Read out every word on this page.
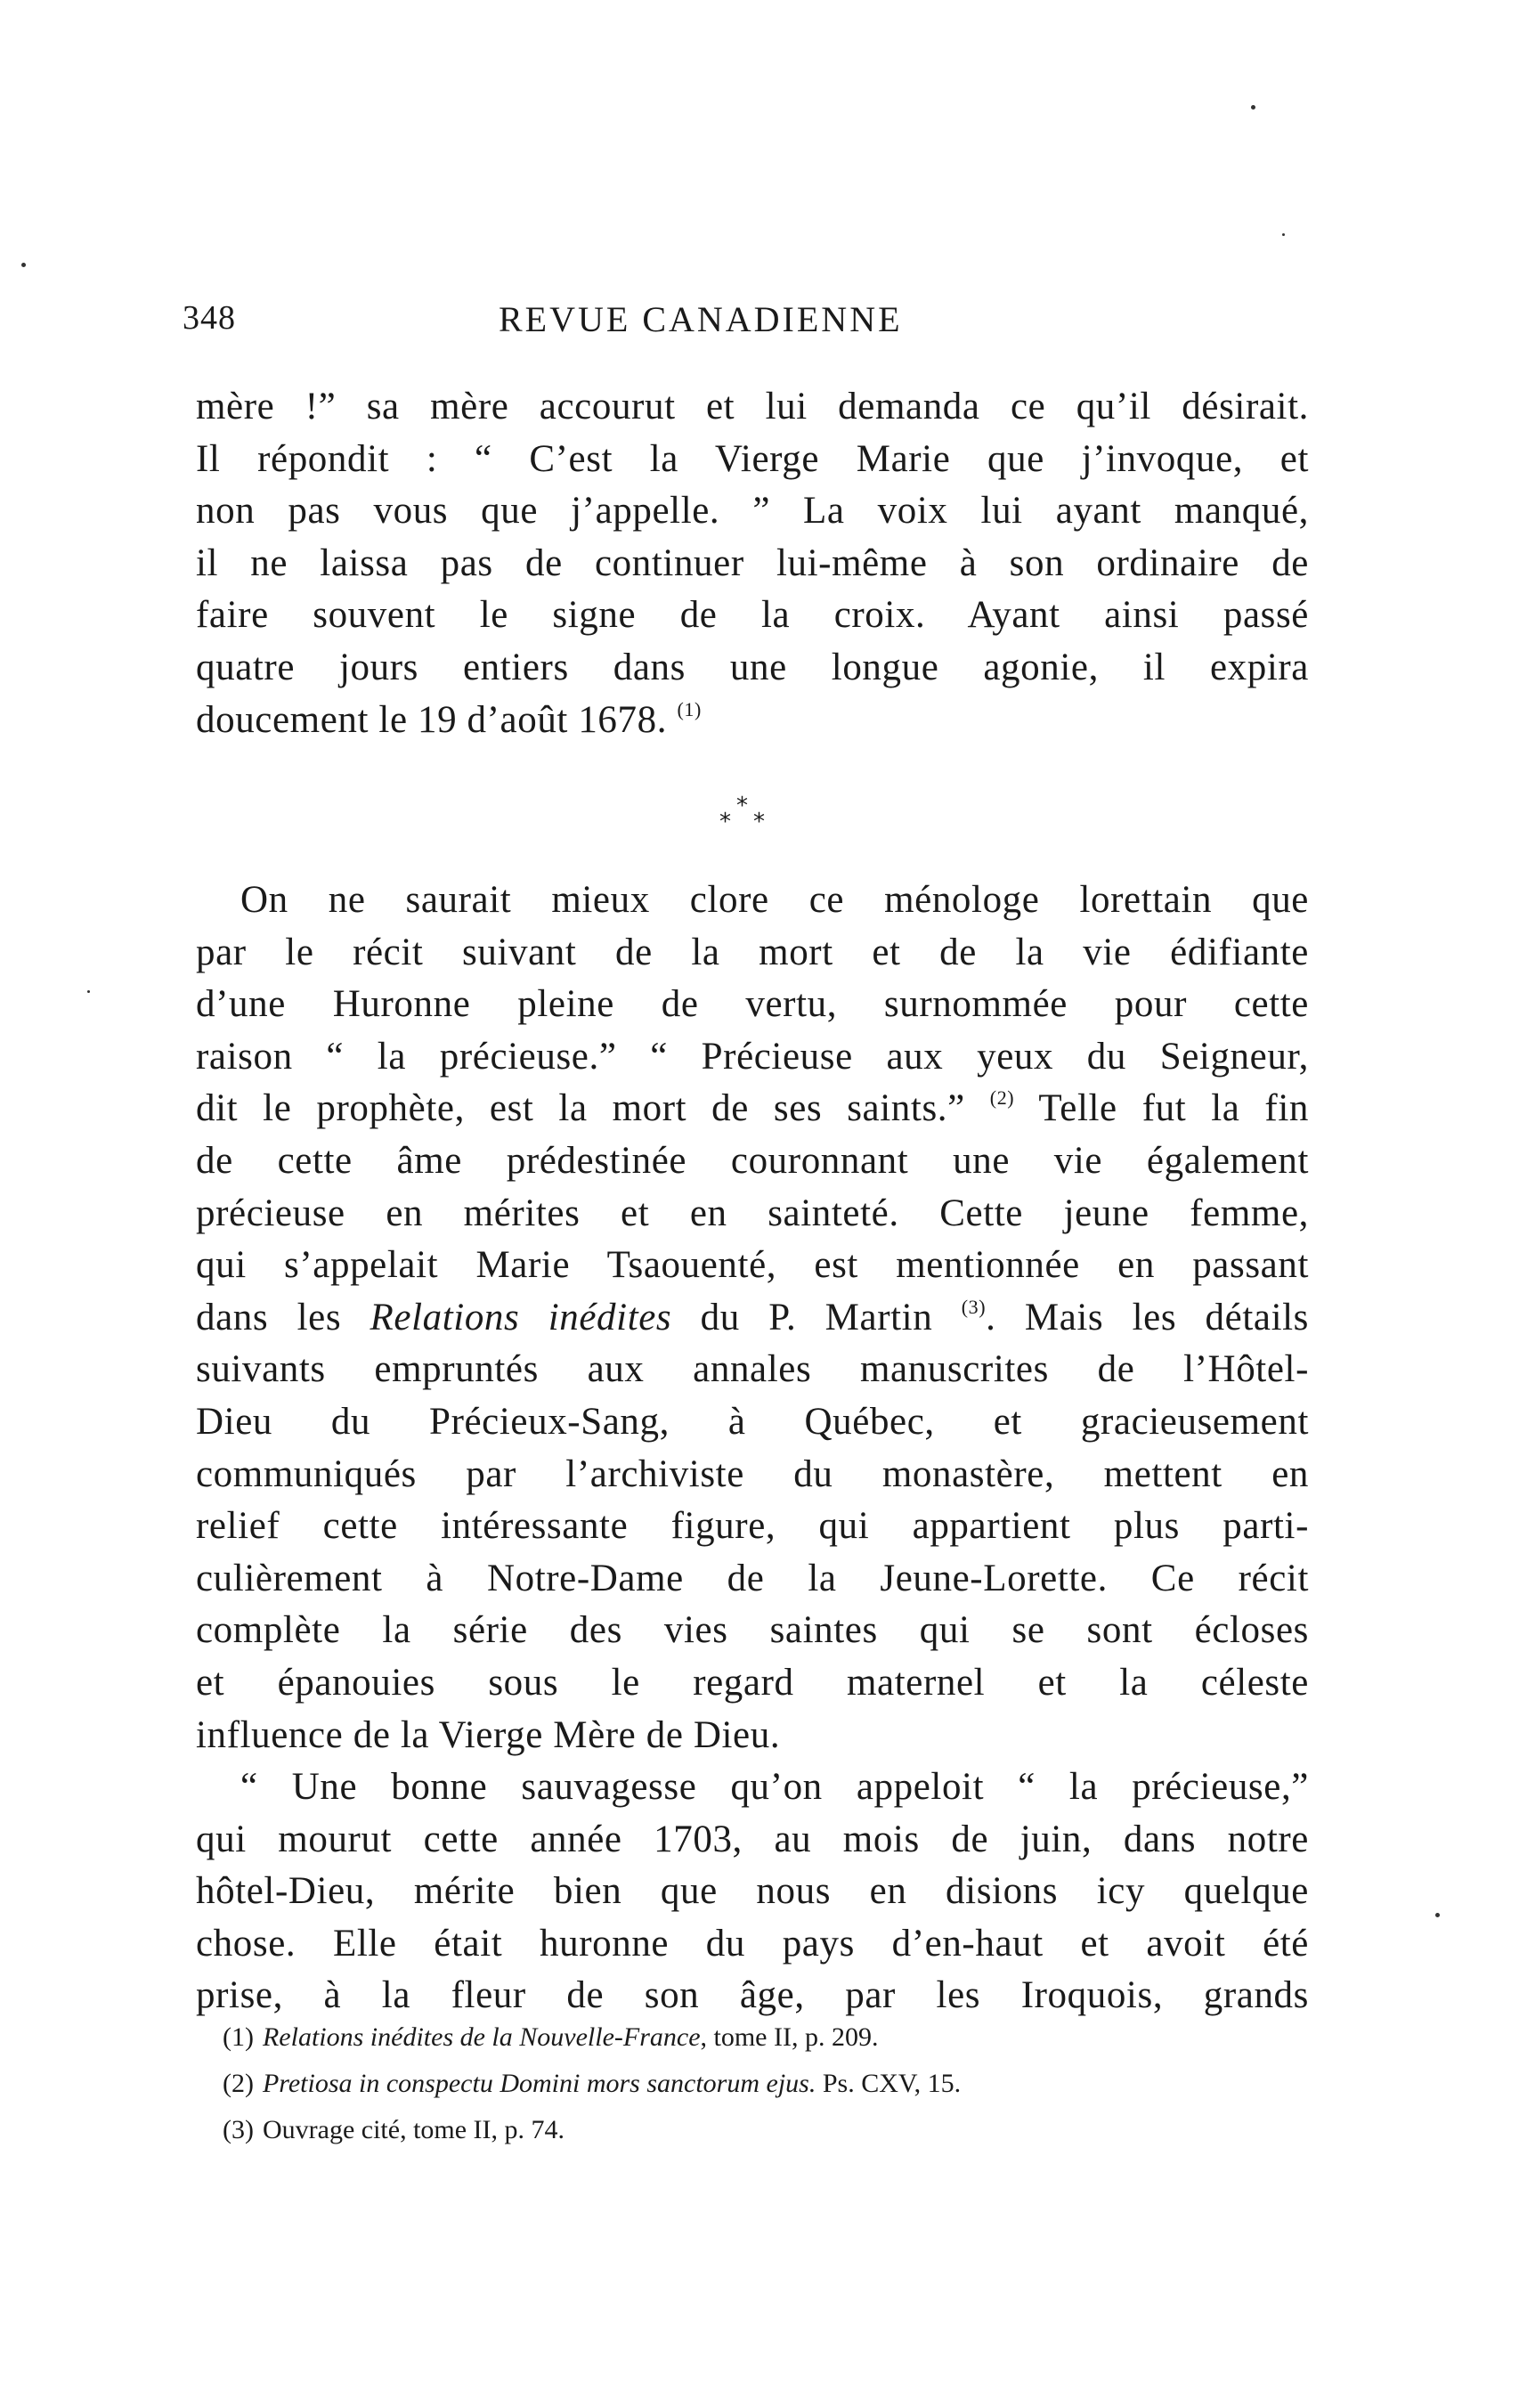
348	REVUE CANADIENNE
mère !” sa mère accourut et lui demanda ce qu’il désirait.
Il répondit : “ C’est la Vierge Marie que j’invoque, et
non pas vous que j’appelle. ” La voix lui ayant manqué,
il ne laissa pas de continuer lui-même à son ordinaire de
faire souvent le signe de la croix. Ayant ainsi passé
quatre jours entiers dans une longue agonie, il expira
doucement le 19 d’août 1678. $^{(1)}$
*
* *
On ne saurait mieux clore ce ménologe lorettain que
par le récit suivant de la mort et de la vie édifiante
d’une Huronne pleine de vertu, surnommée pour cette
raison “ la précieuse.” “ Précieuse aux yeux du Seigneur,
dit le prophète, est la mort de ses saints.” $^{(2)}$ Telle fut la fin
de cette âme prédestinée couronnant une vie également
précieuse en mérites et en sainteté. Cette jeune femme,
qui s’appelait Marie Tsaouenté, est mentionnée en passant
dans les Relations inédites du P. Martin $^{(3)}$. Mais les détails
suivants empruntés aux annales manuscrites de l’Hôtel-
Dieu du Précieux-Sang, à Québec, et gracieusement
communiqués par l’archiviste du monastère, mettent en
relief cette intéressante figure, qui appartient plus parti-
culièrement à Notre-Dame de la Jeune-Lorette. Ce récit
complète la série des vies saintes qui se sont écloses
et épanouies sous le regard maternel et la céleste
influence de la Vierge Mère de Dieu.
“ Une bonne sauvagesse qu’on appeloit “ la précieuse,”
qui mourut cette année 1703, au mois de juin, dans notre
hôtel-Dieu, mérite bien que nous en disions icy quelque
chose. Elle était huronne du pays d’en-haut et avoit été
prise, à la fleur de son âge, par les Iroquois, grands
(1) Relations inédites de la Nouvelle-France, tome II, p. 209.
(2) Pretiosa in conspectu Domini mors sanctorum ejus. Ps. CXV, 15.
(3) Ouvrage cité, tome II, p. 74.
